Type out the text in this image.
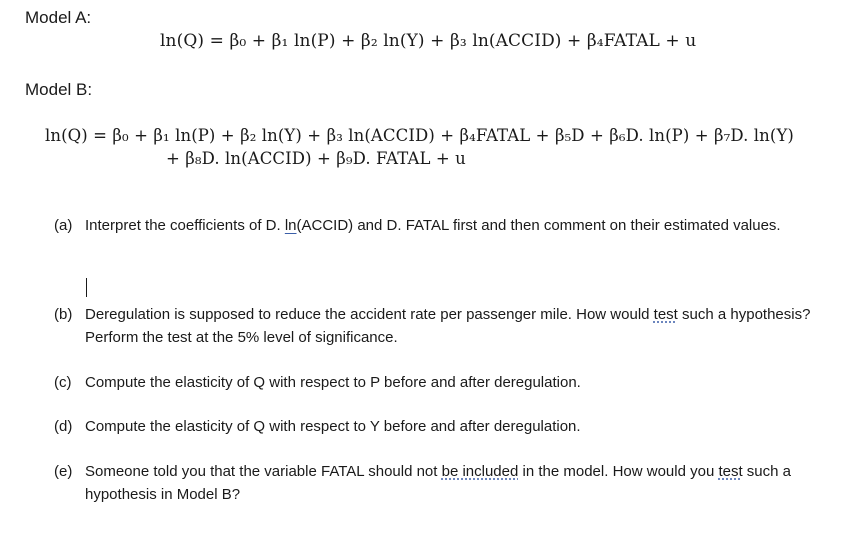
Model A:
ln(Q) = β₀ + β₁ ln(P) + β₂ ln(Y) + β₃ ln(ACCID) + β₄FATAL + u
Model B:
ln(Q) = β₀ + β₁ ln(P) + β₂ ln(Y) + β₃ ln(ACCID) + β₄FATAL + β₅D + β₆D. ln(P) + β₇D. ln(Y)
+ β₈D. ln(ACCID) + β₉D. FATAL + u
(a) Interpret the coefficients of D. ln(ACCID) and D. FATAL first and then comment on their estimated values.
(b) Deregulation is supposed to reduce the accident rate per passenger mile. How would test such a hypothesis? Perform the test at the 5% level of significance.
(c) Compute the elasticity of Q with respect to P before and after deregulation.
(d) Compute the elasticity of Q with respect to Y before and after deregulation.
(e) Someone told you that the variable FATAL should not be included in the model. How would you test such a hypothesis in Model B?
